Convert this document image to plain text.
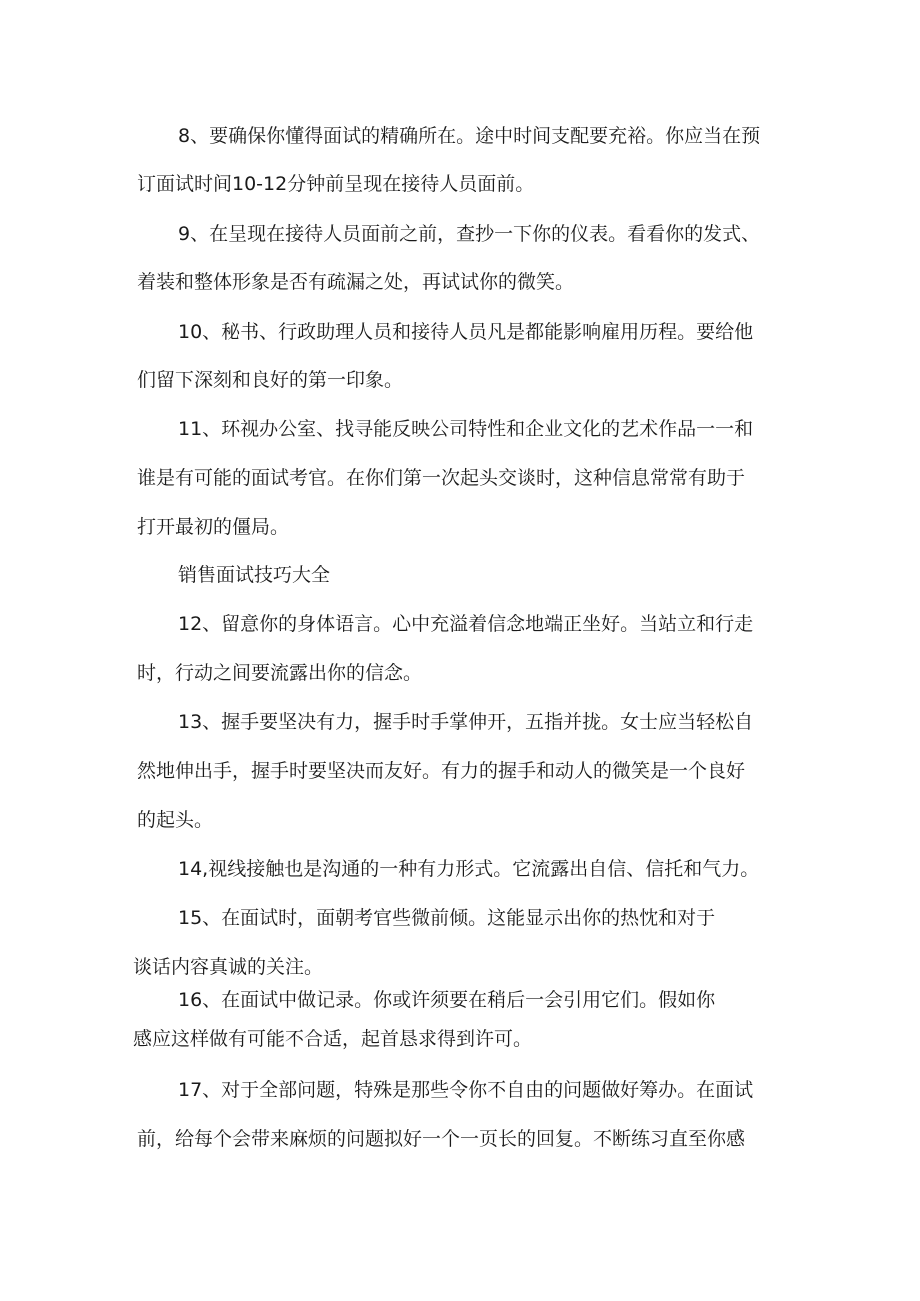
8、要确保你懂得面试的精确所在。途中时间支配要充裕。你应当在预

订面试时间10-12分钟前呈现在接待人员面前。

9、在呈现在接待人员面前之前，查抄一下你的仪表。看看你的发式、

着装和整体形象是否有疏漏之处，再试试你的微笑。

10、秘书、行政助理人员和接待人员凡是都能影响雇用历程。要给他

们留下深刻和良好的第一印象。

11、环视办公室、找寻能反映公司特性和企业文化的艺术作品一一和

谁是有可能的面试考官。在你们第一次起头交谈时，这种信息常常有助于

打开最初的僵局。

销售面试技巧大全

12、留意你的身体语言。心中充溢着信念地端正坐好。当站立和行走

时，行动之间要流露出你的信念。

13、握手要坚决有力，握手时手掌伸开，五指并拢。女士应当轻松自

然地伸出手，握手时要坚决而友好。有力的握手和动人的微笑是一个良好

的起头。

14,视线接触也是沟通的一种有力形式。它流露出自信、信托和气力。

15、在面试时，面朝考官些微前倾。这能显示出你的热忱和对于

谈话内容真诚的关注。

16、在面试中做记录。你或许须要在稍后一会引用它们。假如你

感应这样做有可能不合适，起首恳求得到许可。

17、对于全部问题，特殊是那些令你不自由的问题做好筹办。在面试

前，给每个会带来麻烦的问题拟好一个一页长的回复。不断练习直至你感
